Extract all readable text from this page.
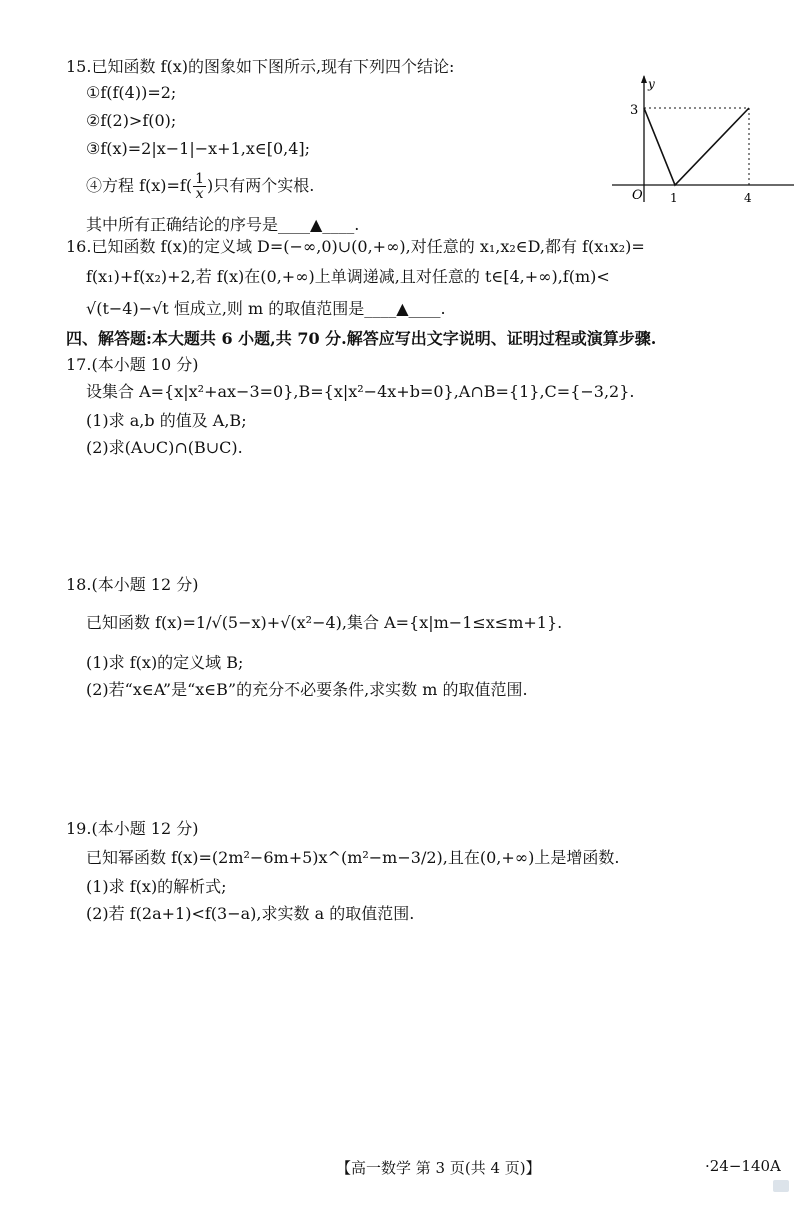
15.已知函数 f(x)的图象如下图所示,现有下列四个结论:
①f(f(4))=2;
②f(2)>f(0);
③f(x)=2|x−1|−x+1,x∈[0,4];
④方程 $f(x)=f( \frac{1}{x}$ )只有两个实根.
其中所有正确结论的序号是____▲____.
y
3
O 1	4
16.已知函数 f(x)的定义域 D=(−∞,0)∪(0,+∞),对任意的 x₁,x₂∈D,都有 f(x₁x₂)=
f(x₁)+f(x₂)+2,若 f(x)在(0,+∞)上单调递减,且对任意的 t∈[4,+∞),f(m)<
√(t−4)−√t 恒成立,则 m 的取值范围是____▲____.
四、解答题:本大题共 6 小题,共 70 分.解答应写出文字说明、证明过程或演算步骤.
17.(本小题 10 分)
设集合 A={x|x²+ax−3=0},B={x|x²−4x+b=0},A∩B={1},C={−3,2}.
(1)求 a,b 的值及 A,B;
(2)求(A∪C)∩(B∪C).
18.(本小题 12 分)
已知函数 f(x)=1/√(5−x)+√(x²−4),集合 A={x|m−1≤x≤m+1}.
(1)求 f(x)的定义域 B;
(2)若“x∈A”是“x∈B”的充分不必要条件,求实数 m 的取值范围.
19.(本小题 12 分)
已知幂函数 f(x)=(2m²−6m+5)x^(m²−m−3/2),且在(0,+∞)上是增函数.
(1)求 f(x)的解析式;
(2)若 f(2a+1)<f(3−a),求实数 a 的取值范围.
【高一数学 第 3 页(共 4 页)】	·24−140A
